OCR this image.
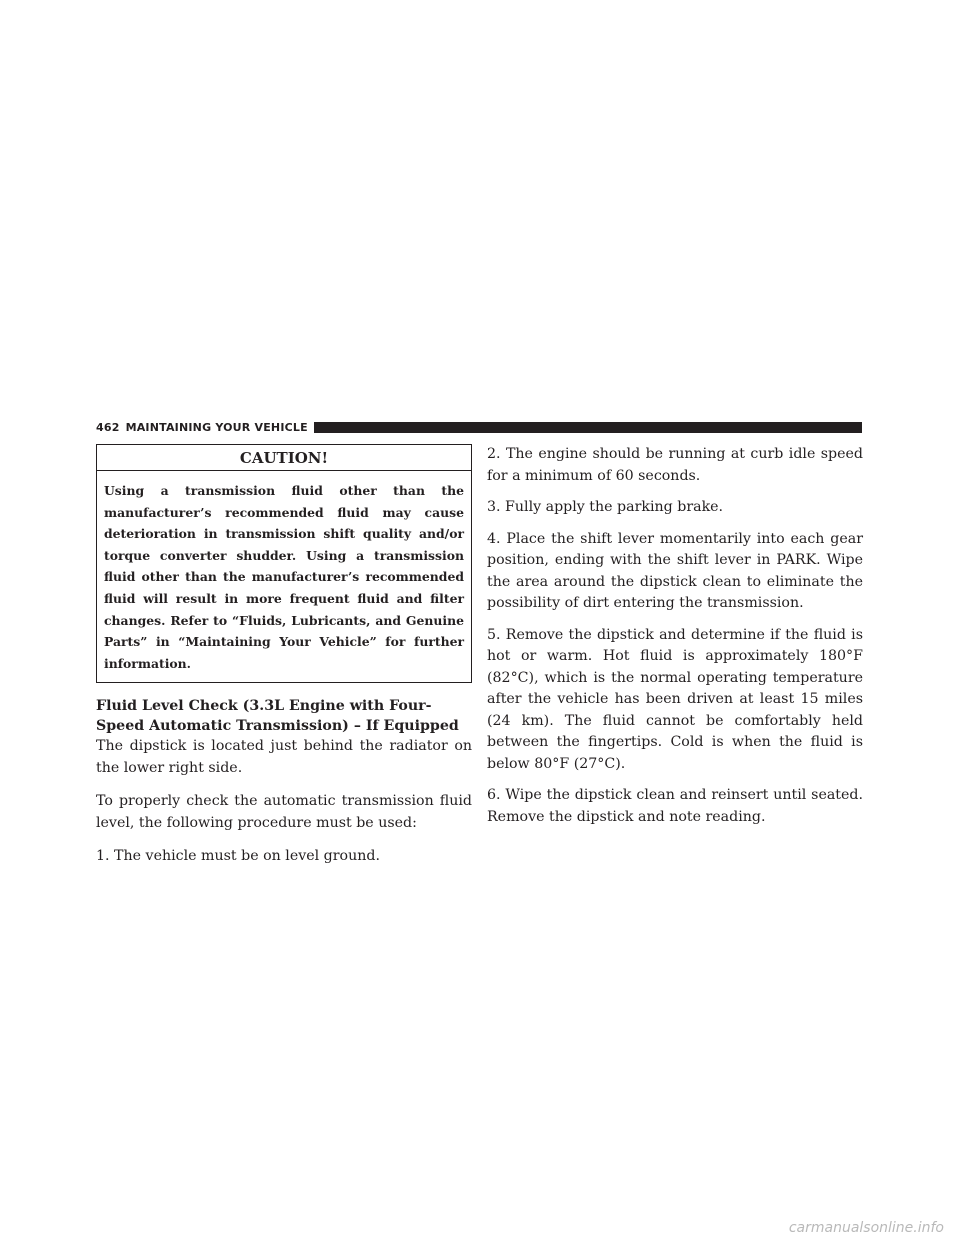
462 MAINTAINING YOUR VEHICLE
CAUTION!
Using a transmission fluid other than the manufacturer’s recommended fluid may cause deterioration in transmission shift quality and/or torque converter shudder. Using a transmission fluid other than the manufacturer’s recommended fluid will result in more frequent fluid and filter changes. Refer to “Fluids, Lubricants, and Genuine Parts” in “Maintaining Your Vehicle” for further information.
Fluid Level Check (3.3L Engine with Four-Speed Automatic Transmission) – If Equipped

The dipstick is located just behind the radiator on the lower right side.

To properly check the automatic transmission fluid level, the following procedure must be used:

1. The vehicle must be on level ground.

2. The engine should be running at curb idle speed for a minimum of 60 seconds.

3. Fully apply the parking brake.

4. Place the shift lever momentarily into each gear position, ending with the shift lever in PARK. Wipe the area around the dipstick clean to eliminate the possibility of dirt entering the transmission.

5. Remove the dipstick and determine if the fluid is hot or warm. Hot fluid is approximately 180°F (82°C), which is the normal operating temperature after the vehicle has been driven at least 15 miles (24 km). The fluid cannot be comfortably held between the fingertips. Cold is when the fluid is below 80°F (27°C).

6. Wipe the dipstick clean and reinsert until seated. Remove the dipstick and note reading.

carmanualsonline.info
